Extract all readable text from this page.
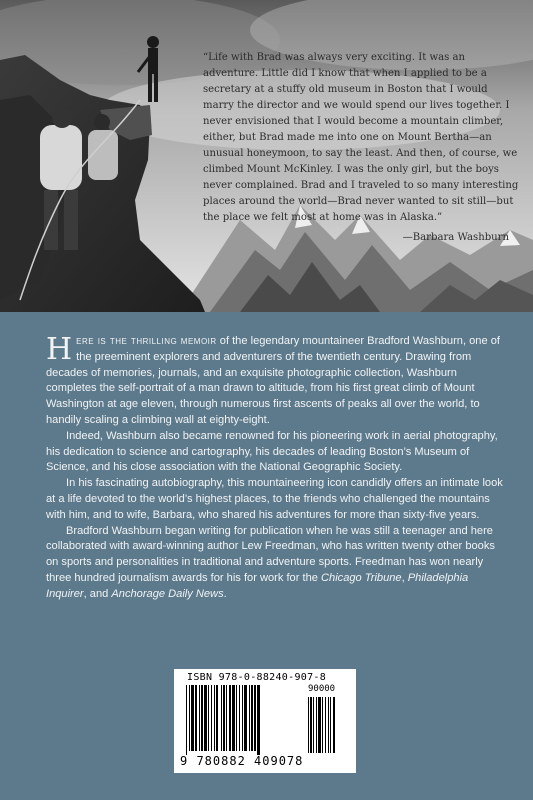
“Life with Brad was always very exciting. It was an adventure. Little did I know that when I applied to be a secretary at a stuffy old museum in Boston that I would marry the director and we would spend our lives together. I never envisioned that I would become a mountain climber, either, but Brad made me into one on Mount Bertha—an unusual honeymoon, to say the least. And then, of course, we climbed Mount McKinley. I was the only girl, but the boys never complained. Brad and I traveled to so many interesting places around the world—Brad never wanted to sit still—but the place we felt most at home was in Alaska.”

—Barbara Washburn

Here is the thrilling memoir of the legendary mountaineer Bradford Washburn, one of the preeminent explorers and adventurers of the twentieth century. Drawing from decades of memories, journals, and an exquisite photographic collection, Washburn completes the self-portrait of a man drawn to altitude, from his first great climb of Mount Washington at age eleven, through numerous first ascents of peaks all over the world, to handily scaling a climbing wall at eighty-eight.

Indeed, Washburn also became renowned for his pioneering work in aerial photography, his dedication to science and cartography, his decades of leading Boston’s Museum of Science, and his close association with the National Geographic Society.

In his fascinating autobiography, this mountaineering icon candidly offers an intimate look at a life devoted to the world’s highest places, to the friends who challenged the mountains with him, and to wife, Barbara, who shared his adventures for more than sixty-five years.

Bradford Washburn began writing for publication when he was still a teenager and here collaborated with award-winning author Lew Freedman, who has written twenty other books on sports and personalities in traditional and adventure sports. Freedman has won nearly three hundred journalism awards for his for work for the Chicago Tribune, Philadelphia Inquirer, and Anchorage Daily News.

ISBN 978-0-88240-907-8
90000
9 780882 409078
